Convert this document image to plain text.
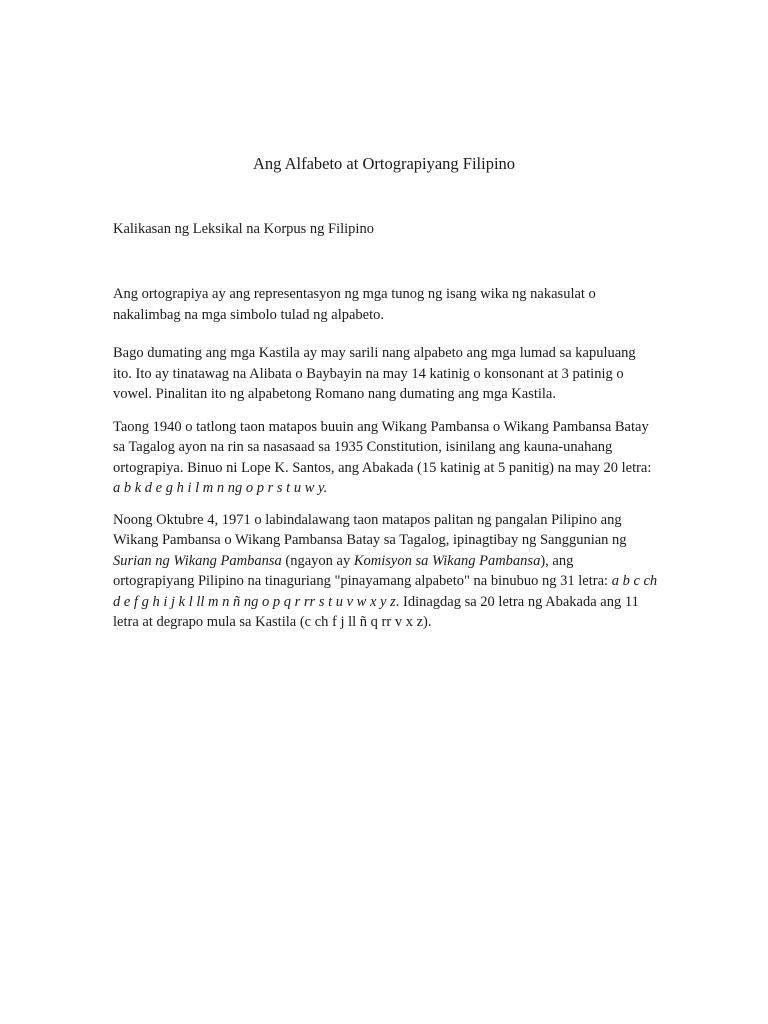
Ang Alfabeto at Ortograpiyang Filipino
Kalikasan ng Leksikal na Korpus ng Filipino

Ang ortograpiya ay ang representasyon ng mga tunog ng isang wika ng nakasulat o nakalimbag na mga simbolo tulad ng alpabeto.

Bago dumating ang mga Kastila ay may sarili nang alpabeto ang mga lumad sa kapuluang ito. Ito ay tinatawag na Alibata o Baybayin na may 14 katinig o konsonant at 3 patinig o vowel. Pinalitan ito ng alpabetong Romano nang dumating ang mga Kastila.

Taong 1940 o tatlong taon matapos buuin ang Wikang Pambansa o Wikang Pambansa Batay sa Tagalog ayon na rin sa nasasaad sa 1935 Constitution, isinilang ang kauna-unahang ortograpiya. Binuo ni Lope K. Santos, ang Abakada (15 katinig at 5 panitig) na may 20 letra: a b k d e g h i l m n ng o p r s t u w y.

Noong Oktubre 4, 1971 o labindalawang taon matapos palitan ng pangalan Pilipino ang Wikang Pambansa o Wikang Pambansa Batay sa Tagalog, ipinagtibay ng Sanggunian ng Surian ng Wikang Pambansa (ngayon ay Komisyon sa Wikang Pambansa), ang ortograpiyang Pilipino na tinaguriang "pinayamang alpabeto" na binubuo ng 31 letra: a b c ch d e f g h i j k l ll m n ñ ng o p q r rr s t u v w x y z. Idinagdag sa 20 letra ng Abakada ang 11 letra at degrapo mula sa Kastila (c ch f j ll ñ q rr v x z).
